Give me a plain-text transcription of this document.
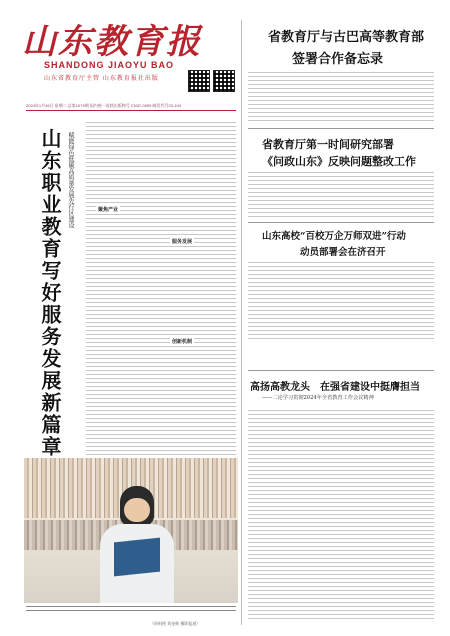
山东教育报
SHANDONG JIAOYU BAO
山东省教育厅主管 山东教育报社出版
2024年1月16日 星期二 总第1079期 国内统一连续出版物号 CN37-0059 邮发代号23-104
省教育厅与古巴高等教育部
签署合作备忘录
省教育厅第一时间研究部署
《问政山东》反映问题整改工作
山东高校“百校万企万师双进”行动
动员部署会在济召开
高扬高教龙头　在强省建设中挺膺担当
——二论学习贯彻2024年全省教育工作会议精神
山东职业教育写好服务发展新篇章 赋能绿色低碳高质量发展先行区建设	聚焦产业
服务发展
创新机制
（资料图 刘金辉 摄影报道）
